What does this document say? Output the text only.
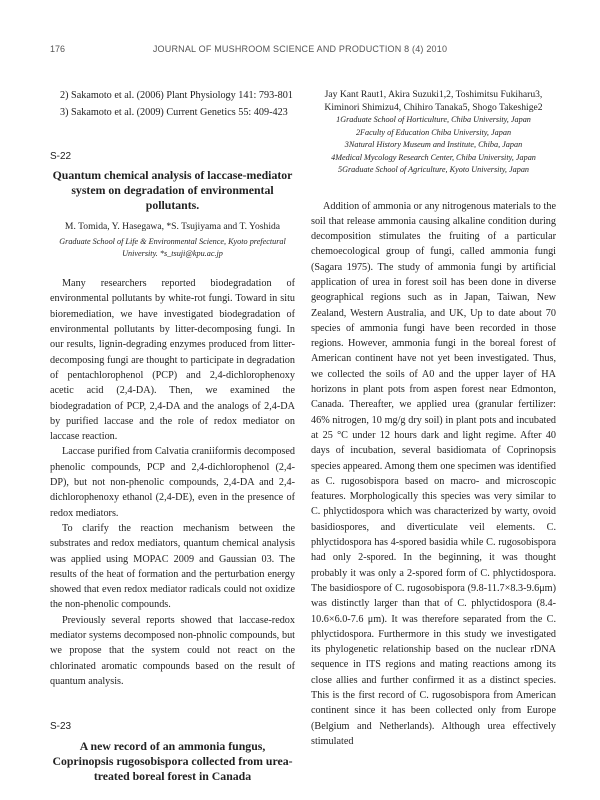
176	JOURNAL OF MUSHROOM SCIENCE AND PRODUCTION 8 (4) 2010

2) Sakamoto et al. (2006) Plant Physiology 141: 793-801

3) Sakamoto et al. (2009) Current Genetics 55: 409-423

S-22
Quantum chemical analysis of laccase-mediator system on degradation of environmental pollutants.
M. Tomida, Y. Hasegawa, *S. Tsujiyama and T. Yoshida
Graduate School of Life & Environmental Science, Kyoto prefectural University. *s_tsuji@kpu.ac.jp

Many researchers reported biodegradation of environmental pollutants by white-rot fungi. Toward in situ bioremediation, we have investigated biodegradation of environmental pollutants by litter-decomposing fungi. In our results, lignin-degrading enzymes produced from litter-decomposing fungi are thought to participate in degradation of pentachlorophenol (PCP) and 2,4-dichlorophenoxy acetic acid (2,4-DA). Then, we examined the biodegradation of PCP, 2,4-DA and the analogs of 2,4-DA by purified laccase and the role of redox mediator on laccase reaction.

Laccase purified from Calvatia craniiformis decomposed phenolic compounds, PCP and 2,4-dichlorophenol (2,4-DP), but not non-phenolic compounds, 2,4-DA and 2,4-dichlorophenoxy ethanol (2,4-DE), even in the presence of redox mediators.

To clarify the reaction mechanism between the substrates and redox mediators, quantum chemical analysis was applied using MOPAC 2009 and Gaussian 03. The results of the heat of formation and the perturbation energy showed that even redox mediator radicals could not oxidize the non-phenolic compounds.

Previously several reports showed that laccase-redox mediator systems decomposed non-phnolic compounds, but we propose that the system could not react on the chlorinated aromatic compounds based on the result of quantum analysis.

S-23
A new record of an ammonia fungus, Coprinopsis rugosobispora collected from urea-treated boreal forest in Canada
Jay Kant Raut1, Akira Suzuki1,2, Toshimitsu Fukiharu3,
Kiminori Shimizu4, Chihiro Tanaka5, Shogo Takeshige2
1Graduate School of Horticulture, Chiba University, Japan
2Faculty of Education Chiba University, Japan
3Natural History Museum and Institute, Chiba, Japan
4Medical Mycology Research Center, Chiba University, Japan
5Graduate School of Agriculture, Kyoto University, Japan

Addition of ammonia or any nitrogenous materials to the soil that release ammonia causing alkaline condition during decomposition stimulates the fruiting of a particular chemoecological group of fungi, called ammonia fungi (Sagara 1975). The study of ammonia fungi by artificial application of urea in forest soil has been done in diverse geographical regions such as in Japan, Taiwan, New Zealand, Western Australia, and UK, Up to date about 70 species of ammonia fungi have been recorded in those regions. However, ammonia fungi in the boreal forest of American continent have not yet been investigated. Thus, we collected the soils of A0 and the upper layer of HA horizons in plant pots from aspen forest near Edmonton, Canada. Thereafter, we applied urea (granular fertilizer: 46% nitrogen, 10 mg/g dry soil) in plant pots and incubated at 25 °C under 12 hours dark and light regime. After 40 days of incubation, several basidiomata of Coprinopsis species appeared. Among them one specimen was identified as C. rugosobispora based on macro- and microscopic features. Morphologically this species was very similar to C. phlyctidospora which was characterized by warty, ovoid basidiospores, and diverticulate veil elements. C. phlyctidospora has 4-spored basidia while C. rugosobispora had only 2-spored. In the beginning, it was thought probably it was only a 2-spored form of C. phlyctidospora. The basidiospore of C. rugosobispora (9.8-11.7×8.3-9.6μm) was distinctly larger than that of C. phlyctidospora (8.4-10.6×6.0-7.6 μm). It was therefore separated from the C. phlyctidospora. Furthermore in this study we investigated its phylogenetic relationship based on the nuclear rDNA sequence in ITS regions and mating reactions among its close allies and further confirmed it as a distinct species. This is the first record of C. rugosobispora from American continent since it has been collected only from Europe (Belgium and Netherlands). Although urea effectively stimulated
